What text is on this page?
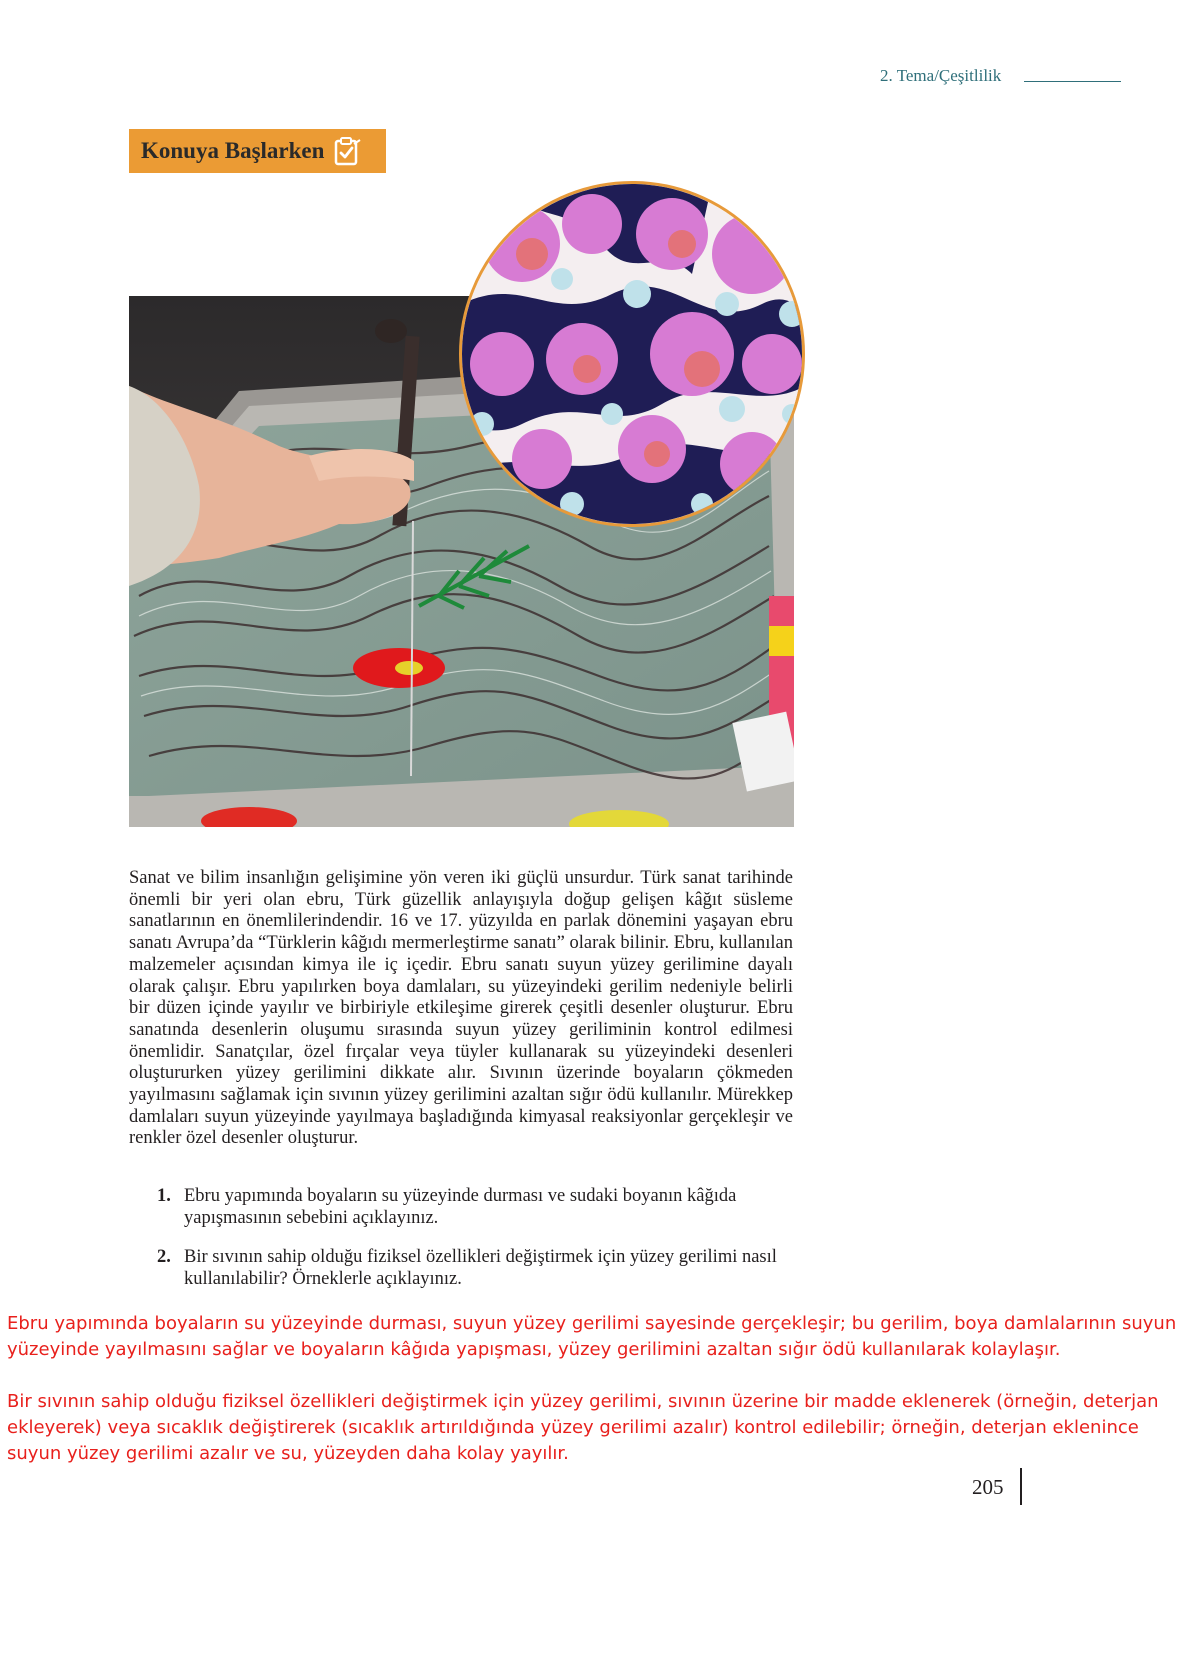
2. Tema/Çeşitlilik
Konuya Başlarken
Sanat ve bilim insanlığın gelişimine yön veren iki güçlü unsurdur. Türk sanat tarihinde önemli bir yeri olan ebru, Türk güzellik anlayışıyla doğup gelişen kâğıt süsleme sanatlarının en önemlilerindendir. 16 ve 17. yüzyılda en parlak dönemini yaşayan ebru sanatı Avrupa’da “Türklerin kâğıdı mermerleştirme sanatı” olarak bilinir. Ebru, kullanılan malzemeler açısından kimya ile iç içedir. Ebru sanatı suyun yüzey gerilimine dayalı olarak çalışır. Ebru yapılırken boya damlaları, su yüzeyindeki gerilim nedeniyle belirli bir düzen içinde yayılır ve birbiriyle etkileşime girerek çeşitli desenler oluşturur. Ebru sanatında desenlerin oluşumu sırasında suyun yüzey geriliminin kontrol edilmesi önemlidir. Sanatçılar, özel fırçalar veya tüyler kullanarak su yüzeyindeki desenleri oluştururken yüzey gerilimini dikkate alır. Sıvının üzerinde boyaların çökmeden yayılmasını sağlamak için sıvının yüzey gerilimini azaltan sığır ödü kullanılır. Mürekkep damlaları suyun yüzeyinde yayılmaya başladığında kimyasal reaksiyonlar gerçekleşir ve renkler özel desenler oluşturur.
1. Ebru yapımında boyaların su yüzeyinde durması ve sudaki boyanın kâğıda yapışmasının sebebini açıklayınız.
2. Bir sıvının sahip olduğu fiziksel özellikleri değiştirmek için yüzey gerilimi nasıl kullanılabilir? Örneklerle açıklayınız.
Ebru yapımında boyaların su yüzeyinde durması, suyun yüzey gerilimi sayesinde gerçekleşir; bu gerilim, boya damlalarının suyun yüzeyinde yayılmasını sağlar ve boyaların kâğıda yapışması, yüzey gerilimini azaltan sığır ödü kullanılarak kolaylaşır.
Bir sıvının sahip olduğu fiziksel özellikleri değiştirmek için yüzey gerilimi, sıvının üzerine bir madde eklenerek (örneğin, deterjan ekleyerek) veya sıcaklık değiştirerek (sıcaklık artırıldığında yüzey gerilimi azalır) kontrol edilebilir; örneğin, deterjan eklenince suyun yüzey gerilimi azalır ve su, yüzeyden daha kolay yayılır.
205
